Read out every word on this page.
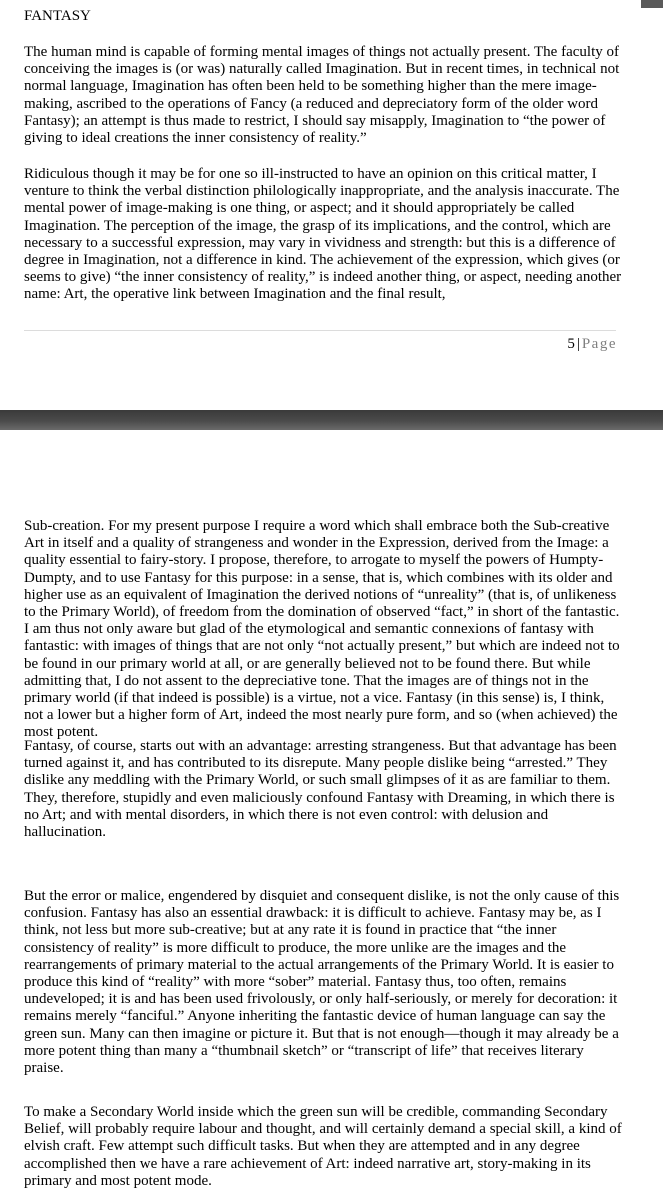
FANTASY

The human mind is capable of forming mental images of things not actually present. The faculty of conceiving the images is (or was) naturally called Imagination. But in recent times, in technical not normal language, Imagination has often been held to be something higher than the mere image-making, ascribed to the operations of Fancy (a reduced and depreciatory form of the older word Fantasy); an attempt is thus made to restrict, I should say misapply, Imagination to “the power of giving to ideal creations the inner consistency of reality.”

Ridiculous though it may be for one so ill-instructed to have an opinion on this critical matter, I venture to think the verbal distinction philologically inappropriate, and the analysis inaccurate. The mental power of image-making is one thing, or aspect; and it should appropriately be called Imagination. The perception of the image, the grasp of its implications, and the control, which are necessary to a successful expression, may vary in vividness and strength: but this is a difference of degree in Imagination, not a difference in kind. The achievement of the expression, which gives (or seems to give) “the inner consistency of reality,” is indeed another thing, or aspect, needing another name: Art, the operative link between Imagination and the final result,

5 | Page

Sub-creation. For my present purpose I require a word which shall embrace both the Sub-creative Art in itself and a quality of strangeness and wonder in the Expression, derived from the Image: a quality essential to fairy-story. I propose, therefore, to arrogate to myself the powers of Humpty-Dumpty, and to use Fantasy for this purpose: in a sense, that is, which combines with its older and higher use as an equivalent of Imagination the derived notions of “unreality” (that is, of unlikeness to the Primary World), of freedom from the domination of observed “fact,” in short of the fantastic. I am thus not only aware but glad of the etymological and semantic connexions of fantasy with fantastic: with images of things that are not only “not actually present,” but which are indeed not to be found in our primary world at all, or are generally believed not to be found there. But while admitting that, I do not assent to the depreciative tone. That the images are of things not in the primary world (if that indeed is possible) is a virtue, not a vice. Fantasy (in this sense) is, I think, not a lower but a higher form of Art, indeed the most nearly pure form, and so (when achieved) the most potent.

Fantasy, of course, starts out with an advantage: arresting strangeness. But that advantage has been turned against it, and has contributed to its disrepute. Many people dislike being “arrested.” They dislike any meddling with the Primary World, or such small glimpses of it as are familiar to them. They, therefore, stupidly and even maliciously confound Fantasy with Dreaming, in which there is no Art; and with mental disorders, in which there is not even control: with delusion and hallucination.

But the error or malice, engendered by disquiet and consequent dislike, is not the only cause of this confusion. Fantasy has also an essential drawback: it is difficult to achieve. Fantasy may be, as I think, not less but more sub-creative; but at any rate it is found in practice that “the inner consistency of reality” is more difficult to produce, the more unlike are the images and the rearrangements of primary material to the actual arrangements of the Primary World. It is easier to produce this kind of “reality” with more “sober” material. Fantasy thus, too often, remains undeveloped; it is and has been used frivolously, or only half-seriously, or merely for decoration: it remains merely “fanciful.” Anyone inheriting the fantastic device of human language can say the green sun. Many can then imagine or picture it. But that is not enough—though it may already be a more potent thing than many a “thumbnail sketch” or “transcript of life” that receives literary praise.

To make a Secondary World inside which the green sun will be credible, commanding Secondary Belief, will probably require labour and thought, and will certainly demand a special skill, a kind of elvish craft. Few attempt such difficult tasks. But when they are attempted and in any degree accomplished then we have a rare achievement of Art: indeed narrative art, story-making in its primary and most potent mode.
